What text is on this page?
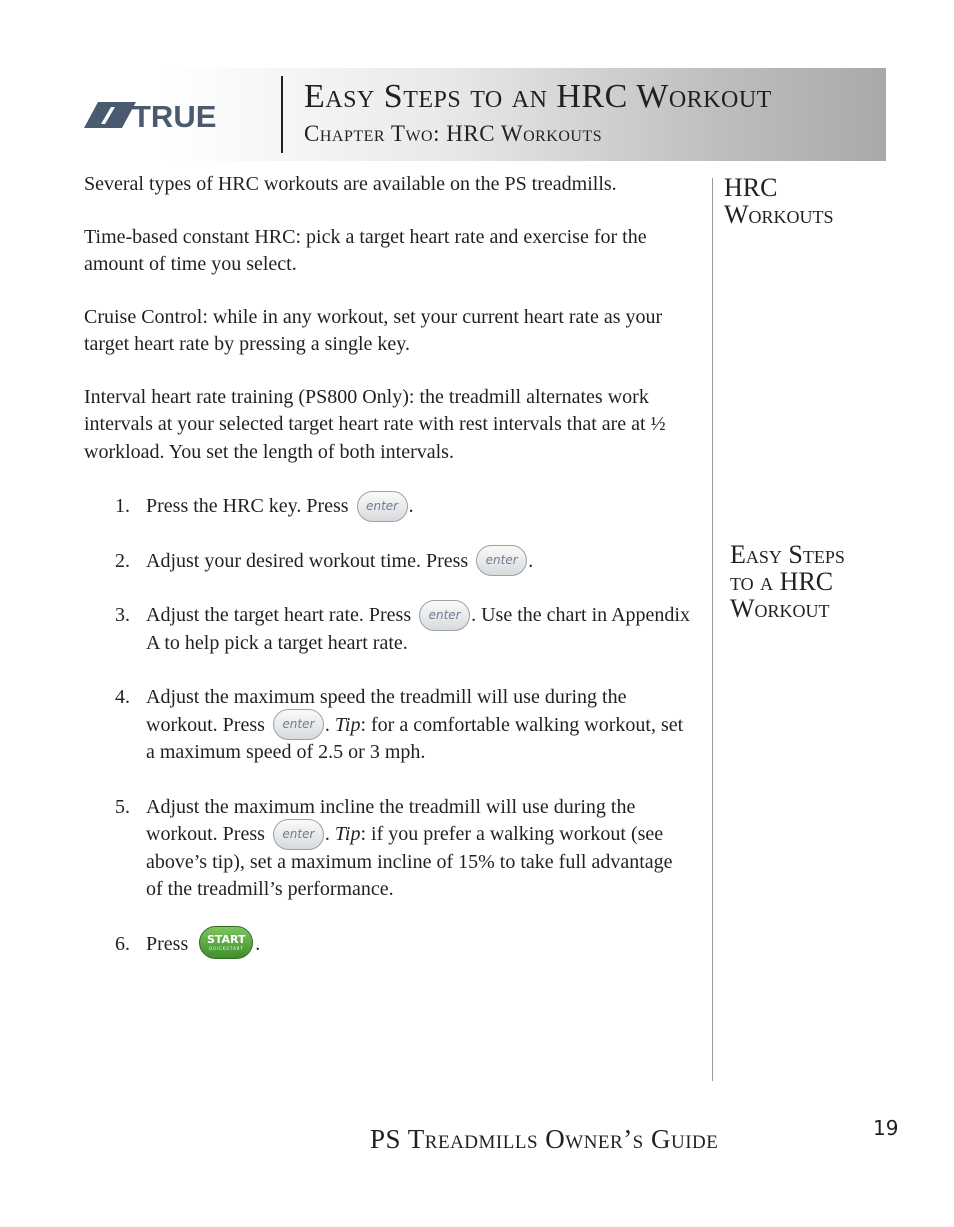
TRUE
Easy Steps to an HRC Workout
Chapter Two: HRC Workouts
HRC
Workouts
Easy Steps
to a HRC
Workout

Several types of HRC workouts are available on the PS treadmills.

Time-based constant HRC: pick a target heart rate and exercise for the amount of time you select.

Cruise Control: while in any workout, set your current heart rate as your target heart rate by pressing a single key.

Interval heart rate training (PS800 Only): the treadmill alternates work intervals at your selected target heart rate with rest intervals that are at ½ workload. You set the length of both intervals.

1. Press the HRC key. Press enter .
2. Adjust your desired workout time. Press enter .
3. Adjust the target heart rate. Press enter . Use the chart in Appendix A to help pick a target heart rate.
4. Adjust the maximum speed the treadmill will use during the workout. Press enter . Tip: for a comfortable walking workout, set a maximum speed of 2.5 or 3 mph.
5. Adjust the maximum incline the treadmill will use during the workout. Press enter . Tip: if you prefer a walking workout (see above’s tip), set a maximum incline of 15% to take full advantage of the treadmill’s performance.
6. Press	START
QUICKSTART .
PS Treadmills Owner’s Guide	19
